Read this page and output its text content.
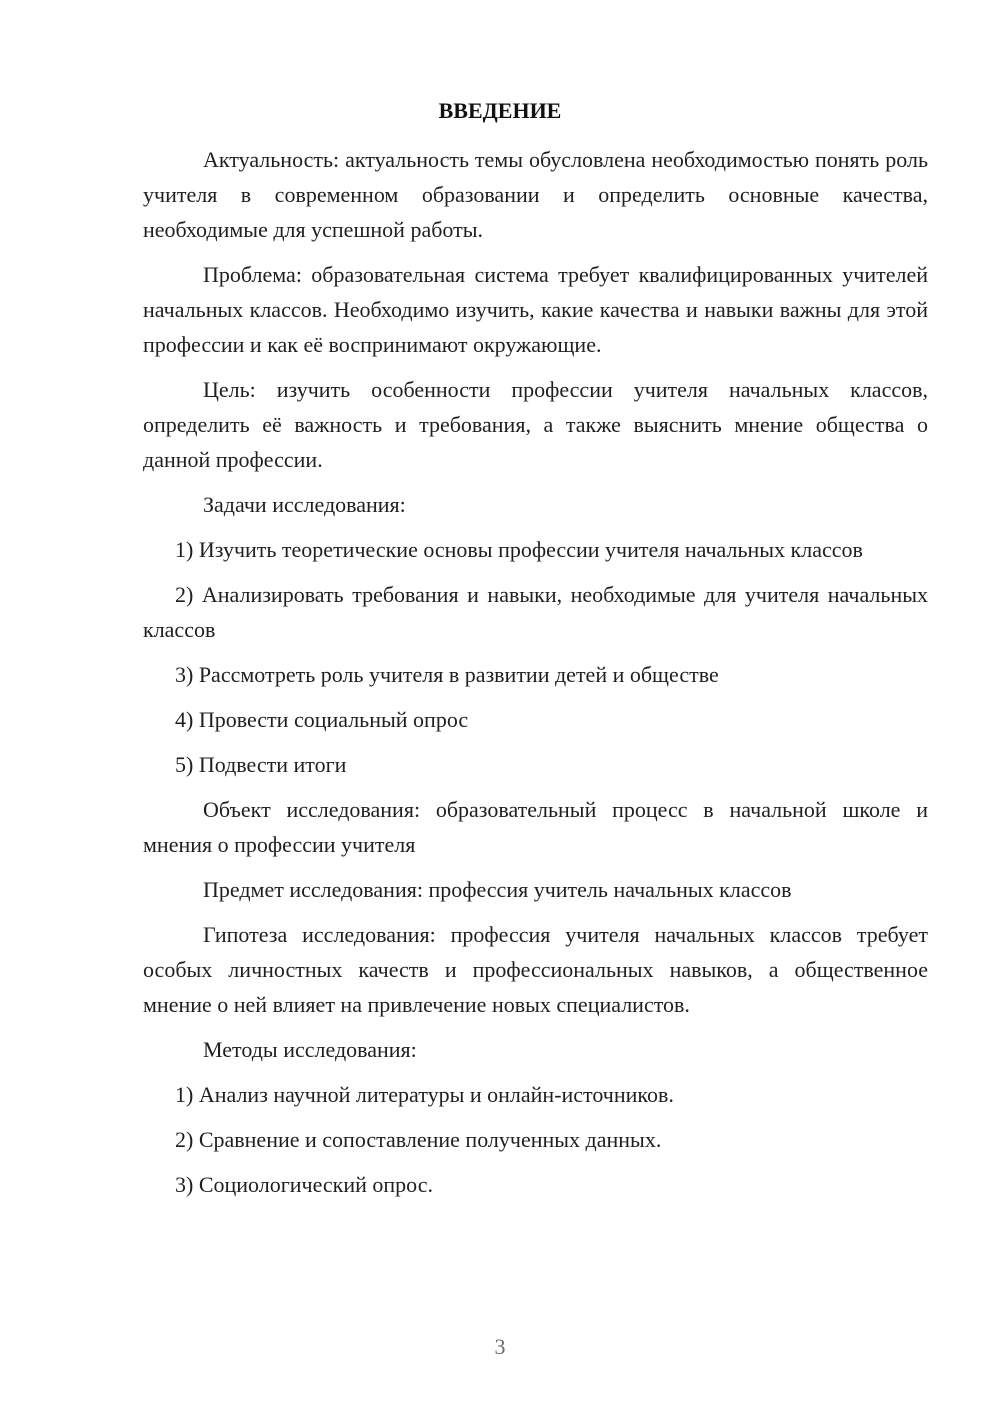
ВВЕДЕНИЕ

Актуальность: актуальность темы обусловлена необходимостью понять роль учителя в современном образовании и определить основные качества, необходимые для успешной работы.

Проблема: образовательная система требует квалифицированных учителей начальных классов. Необходимо изучить, какие качества и навыки важны для этой профессии и как её воспринимают окружающие.

Цель: изучить особенности профессии учителя начальных классов, определить её важность и требования, а также выяснить мнение общества о данной профессии.

Задачи исследования:

1) Изучить теоретические основы профессии учителя начальных классов

2) Анализировать требования и навыки, необходимые для учителя начальных классов

3) Рассмотреть роль учителя в развитии детей и обществе

4) Провести социальный опрос

5) Подвести итоги

Объект исследования: образовательный процесс в начальной школе и мнения о профессии учителя

Предмет исследования: профессия учитель начальных классов

Гипотеза исследования: профессия учителя начальных классов требует особых личностных качеств и профессиональных навыков, а общественное мнение о ней влияет на привлечение новых специалистов.

Методы исследования:

1) Анализ научной литературы и онлайн-источников.

2) Сравнение и сопоставление полученных данных.

3) Социологический опрос.

3
